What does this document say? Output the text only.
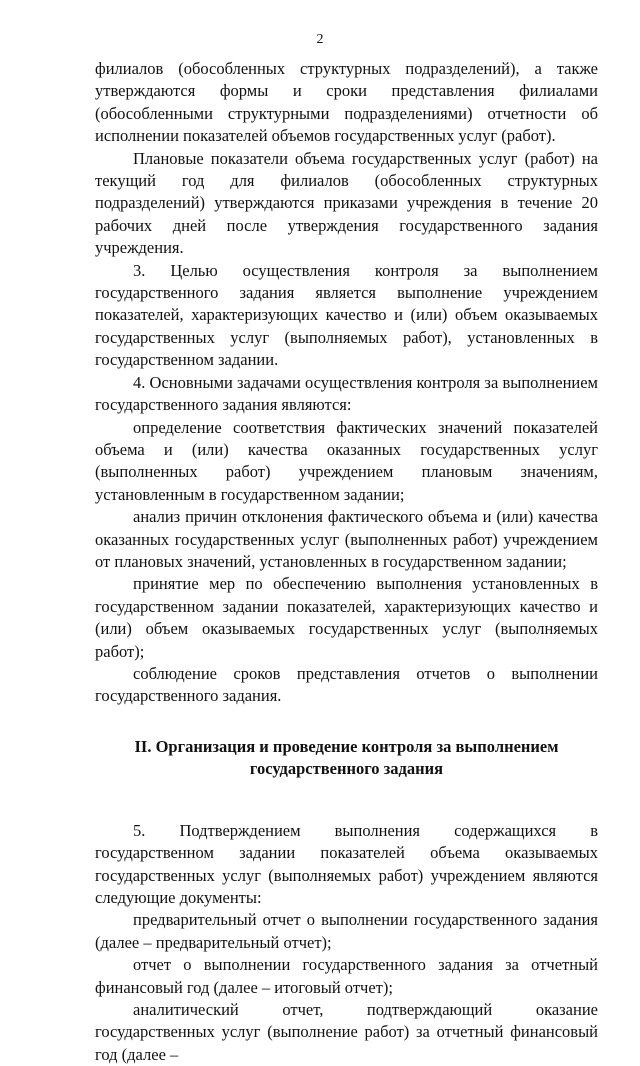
2

филиалов (обособленных структурных подразделений), а также утверждаются формы и сроки представления филиалами (обособленными структурными подразделениями) отчетности об исполнении показателей объемов государственных услуг (работ).

Плановые показатели объема государственных услуг (работ) на текущий год для филиалов (обособленных структурных подразделений) утверждаются приказами учреждения в течение 20 рабочих дней после утверждения государственного задания учреждения.

3. Целью осуществления контроля за выполнением государственного задания является выполнение учреждением показателей, характеризующих качество и (или) объем оказываемых государственных услуг (выполняемых работ), установленных в государственном задании.

4. Основными задачами осуществления контроля за выполнением государственного задания являются:

определение соответствия фактических значений показателей объема и (или) качества оказанных государственных услуг (выполненных работ) учреждением плановым значениям, установленным в государственном задании;

анализ причин отклонения фактического объема и (или) качества оказанных государственных услуг (выполненных работ) учреждением от плановых значений, установленных в государственном задании;

принятие мер по обеспечению выполнения установленных в государственном задании показателей, характеризующих качество и (или) объем оказываемых государственных услуг (выполняемых работ);

соблюдение сроков представления отчетов о выполнении государственного задания.

II. Организация и проведение контроля за выполнением
государственного задания

5. Подтверждением выполнения содержащихся в государственном задании показателей объема оказываемых государственных услуг (выполняемых работ) учреждением являются следующие документы:

предварительный отчет о выполнении государственного задания (далее – предварительный отчет);

отчет о выполнении государственного задания за отчетный финансовый год (далее – итоговый отчет);

аналитический отчет, подтверждающий оказание государственных услуг (выполнение работ) за отчетный финансовый год (далее –
